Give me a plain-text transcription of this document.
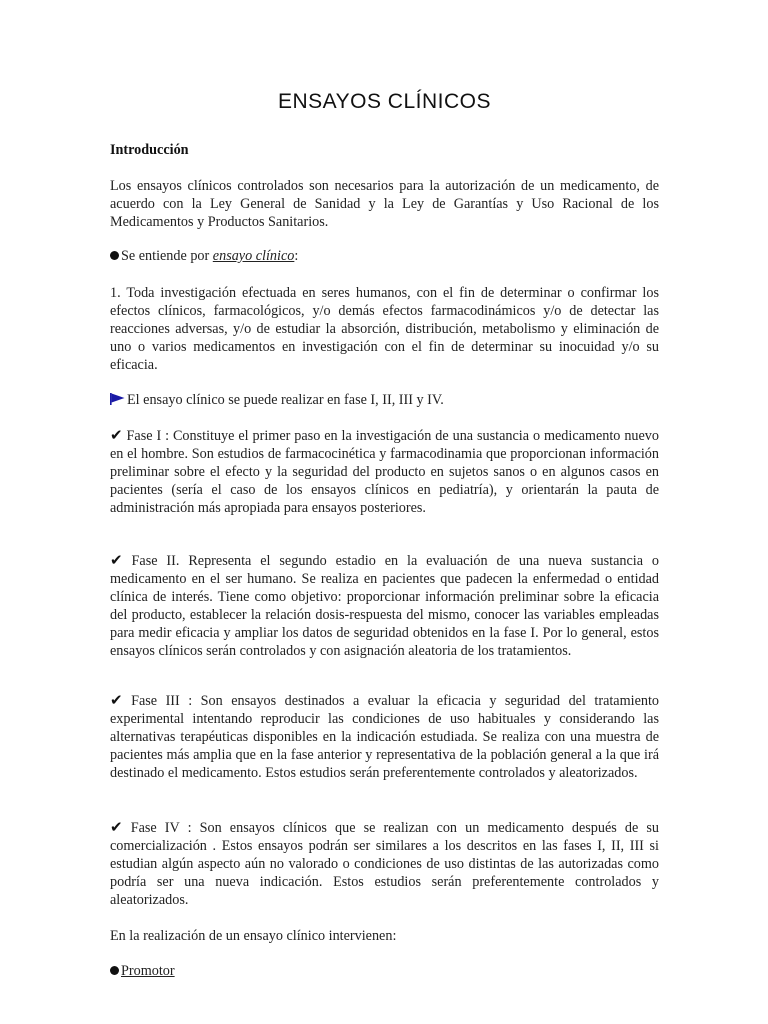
ENSAYOS CLÍNICOS

Introducción

Los ensayos clínicos controlados son necesarios para la autorización de un medicamento, de acuerdo con la Ley General de Sanidad y la Ley de Garantías y Uso Racional de los Medicamentos y Productos Sanitarios.

Se entiende por ensayo clínico:

1. Toda investigación efectuada en seres humanos, con el fin de determinar o confirmar los efectos clínicos, farmacológicos, y/o demás efectos farmacodinámicos y/o de detectar las reacciones adversas, y/o de estudiar la absorción, distribución, metabolismo y eliminación de uno o varios medicamentos en investigación con el fin de determinar su inocuidad y/o su eficacia.

El ensayo clínico se puede realizar en fase I, II, III y IV.

✔ Fase I : Constituye el primer paso en la investigación de una sustancia o medicamento nuevo en el hombre. Son estudios de farmacocinética y farmacodinamia que proporcionan información preliminar sobre el efecto y la seguridad del producto en sujetos sanos o en algunos casos en pacientes (sería el caso de los ensayos clínicos en pediatría), y orientarán la pauta de administración más apropiada para ensayos posteriores.

✔ Fase II. Representa el segundo estadio en la evaluación de una nueva sustancia o medicamento en el ser humano. Se realiza en pacientes que padecen la enfermedad o entidad clínica de interés. Tiene como objetivo: proporcionar información preliminar sobre la eficacia del producto, establecer la relación dosis-respuesta del mismo, conocer las variables empleadas para medir eficacia y ampliar los datos de seguridad obtenidos en la fase I. Por lo general, estos ensayos clínicos serán controlados y con asignación aleatoria de los tratamientos.

✔ Fase III : Son ensayos destinados a evaluar la eficacia y seguridad del tratamiento experimental intentando reproducir las condiciones de uso habituales y considerando las alternativas terapéuticas disponibles en la indicación estudiada. Se realiza con una muestra de pacientes más amplia que en la fase anterior y representativa de la población general a la que irá destinado el medicamento. Estos estudios serán preferentemente controlados y aleatorizados.

✔ Fase IV : Son ensayos clínicos que se realizan con un medicamento después de su comercialización . Estos ensayos podrán ser similares a los descritos en las fases I, II, III si estudian algún aspecto aún no valorado o condiciones de uso distintas de las autorizadas como podría ser una nueva indicación. Estos estudios serán preferentemente controlados y aleatorizados.

En la realización de un ensayo clínico intervienen:

Promotor
